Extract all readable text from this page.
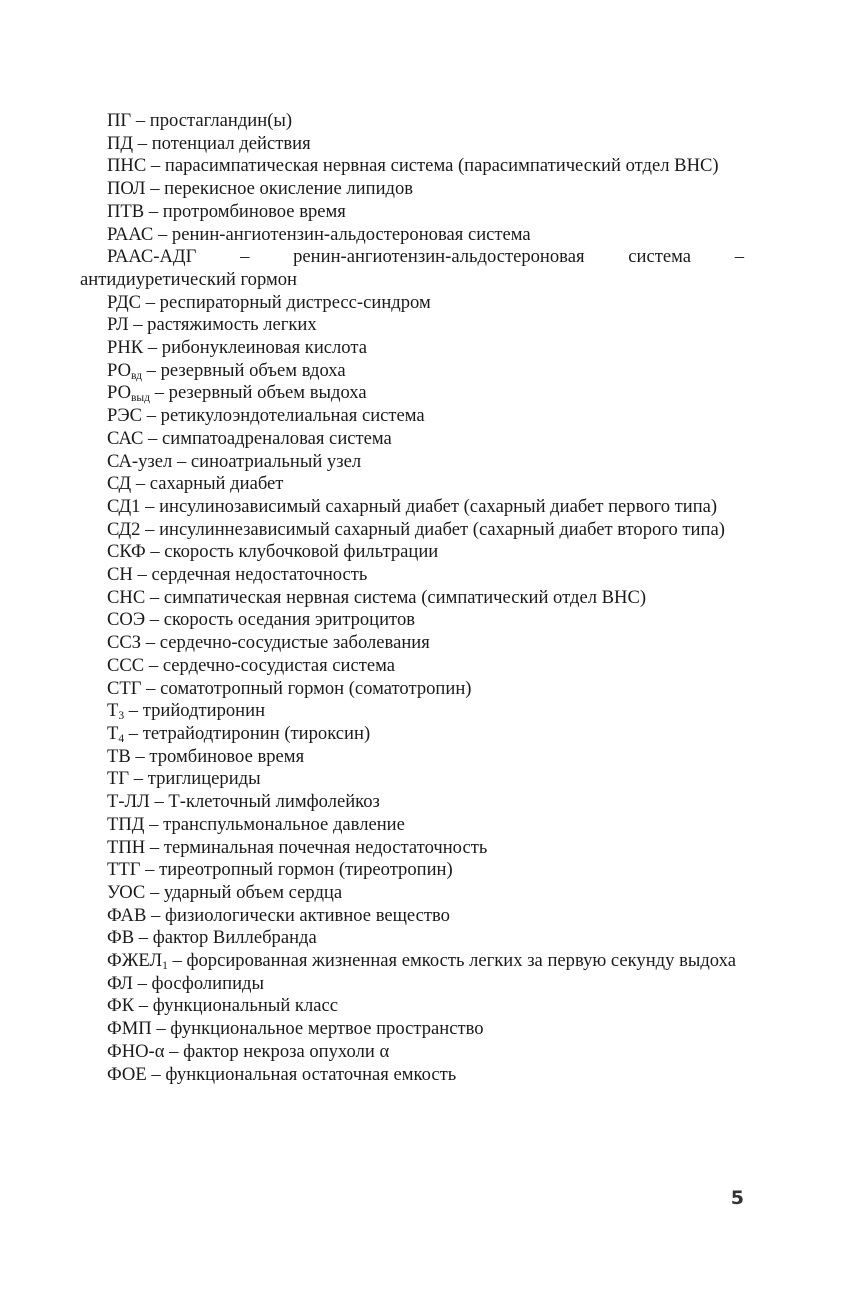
ПГ – простагландин(ы)
ПД – потенциал действия
ПНС – парасимпатическая нервная система (парасимпатический отдел ВНС)
ПОЛ – перекисное окисление липидов
ПТВ – протромбиновое время
РААС – ренин-ангиотензин-альдостероновая система
РААС-АДГ – ренин-ангиотензин-альдостероновая система – антидиуретический гормон
РДС – респираторный дистресс-синдром
РЛ – растяжимость легких
РНК – рибонуклеиновая кислота
$РО_{вд}$ – резервный объем вдоха
$РО_{выд}$ – резервный объем выдоха
РЭС – ретикулоэндотелиальная система
САС – симпатоадреналовая система
СА-узел – синоатриальный узел
СД – сахарный диабет
СД1 – инсулинозависимый сахарный диабет (сахарный диабет первого типа)
СД2 – инсулиннезависимый сахарный диабет (сахарный диабет второго типа)
СКФ – скорость клубочковой фильтрации
СН – сердечная недостаточность
СНС – симпатическая нервная система (симпатический отдел ВНС)
СОЭ – скорость оседания эритроцитов
ССЗ – сердечно-сосудистые заболевания
ССС – сердечно-сосудистая система
СТГ – соматотропный гормон (соматотропин)
$Т_3$ – трийодтиронин
$Т_4$ – тетрайодтиронин (тироксин)
ТВ – тромбиновое время
ТГ – триглицериды
Т-ЛЛ – Т-клеточный лимфолейкоз
ТПД – транспульмональное давление
ТПН – терминальная почечная недостаточность
ТТГ – тиреотропный гормон (тиреотропин)
УОС – ударный объем сердца
ФАВ – физиологически активное вещество
ФВ – фактор Виллебранда
$ФЖЕЛ_1$ – форсированная жизненная емкость легких за первую секунду выдоха
ФЛ – фосфолипиды
ФК – функциональный класс
ФМП – функциональное мертвое пространство
ФНО-α – фактор некроза опухоли α
ФОЕ – функциональная остаточная емкость
5
